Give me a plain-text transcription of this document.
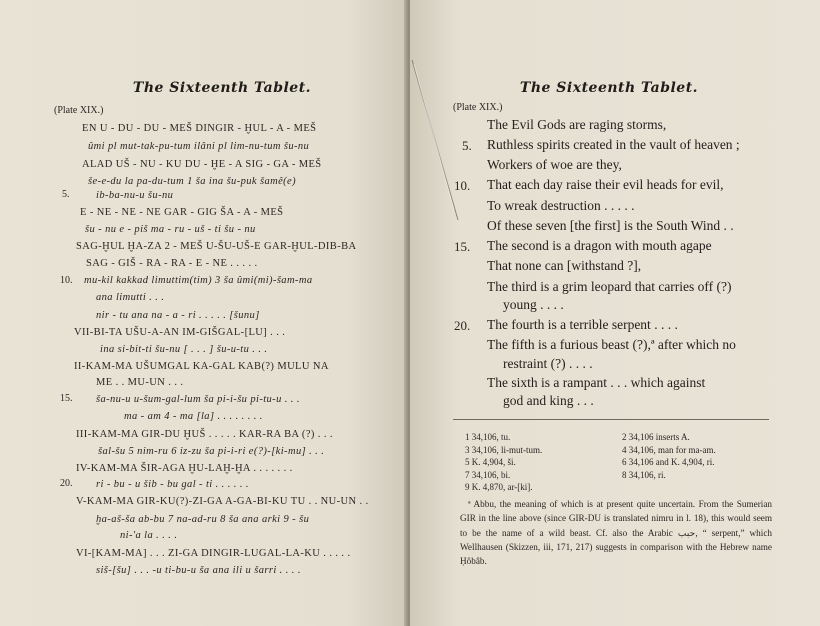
The Sixteenth Tablet.
(Plate XIX.)
EN U - DU - DU - MEŠ DINGIR - ḪUL - A - MEŠ
ûmi pl mut-tak-pu-tum ilâni pl lim-nu-tum šu-nu
ALAD UŠ - NU - KU DU - ḪE - A SIG - GA - MEŠ
še-e-du la pa-du-tum 1 ša ina šu-puk šamê(e)
5.	ib-ba-nu-u šu-nu
E - NE - NE - NE GAR - GIG ŠA - A - MEŠ
šu - nu e - piš ma - ru - uš - ti šu - nu
SAG-ḪUL ḪA-ZA 2 - MEŠ U-ŠU-UŠ-E GAR-ḪUL-DIB-BA
SAG - GIŠ - RA - RA - E - NE . . . . .
10. mu-kil kakkad limuttim(tim) 3 ša ûmi(mi)-šam-ma
ana limutti . . .
nir - tu ana na - a - ri . . . . . [šunu]
VII-BI-TA UŠU-A-AN IM-GIŠGAL-[LU] . . .
ina si-bit-ti šu-nu [ . . . ] šu-u-tu . . .
II-KAM-MA UŠUMGAL KA-GAL KAB(?) MULU NA
ME . . MU-UN . . .
15. ša-nu-u u-šum-gal-lum ša pi-i-šu pi-tu-u . . .
ma - am 4 - ma [la] . . . . . . . .
III-KAM-MA GIR-DU ḪUŠ . . . . . KAR-RA BA (?) . . .
šal-šu 5 nim-ru 6 iz-zu ša pi-i-ri e(?)-[ki-mu] . . .
IV-KAM-MA ŠIR-AGA ḪU-LAḪ-ḪA . . . . . . .
20. ri - bu - u šib - bu gal - ti . . . . . .
V-KAM-MA GIR-KU(?)-ZI-GA A-GA-BI-KU TU . . NU-UN . .
ḫa-aš-ša ab-bu 7 na-ad-ru 8 ša ana arki 9 - šu
ni-'a la . . . .
VI-[KAM-MA] . . . ZI-GA DINGIR-LUGAL-LA-KU . . . . .
siš-[šu] . . . -u ti-bu-u ša ana ili u šarri . . . .
The Sixteenth Tablet.
(Plate XIX.)
The Evil Gods are raging storms,
5. Ruthless spirits created in the vault of heaven ;
Workers of woe are they,
10. That each day raise their evil heads for evil,
To wreak destruction . . . . .
Of these seven [the first] is the South Wind . .
15. The second is a dragon with mouth agape
That none can [withstand ?],
The third is a grim leopard that carries off (?)
young . . . .
20. The fourth is a terrible serpent . . . .
The fifth is a furious beast (?),ª after which no
restraint (?) . . . .
The sixth is a rampant . . . which against
god and king . . .
1 34,106, tu.
3 34,106, li-mut-tum.
5 K. 4,904, ši.
7 34,106, bi.
9 K. 4,870, ar-[ki].
2 34,106 inserts A.
4 34,106, man for ma-am.
6 34,106 and K. 4,904, ri.
8 34,106, ri.
ª Abbu, the meaning of which is at present quite uncertain. From the Sumerian GIR in the line above (since GIR-DU is translated nimru in l. 18), this would seem to be the name of a wild beast. Cf. also the Arabic حبب, “ serpent,” which Wellhausen (Skizzen, iii, 171, 217) suggests in comparison with the Hebrew name Ḥôbâb.
